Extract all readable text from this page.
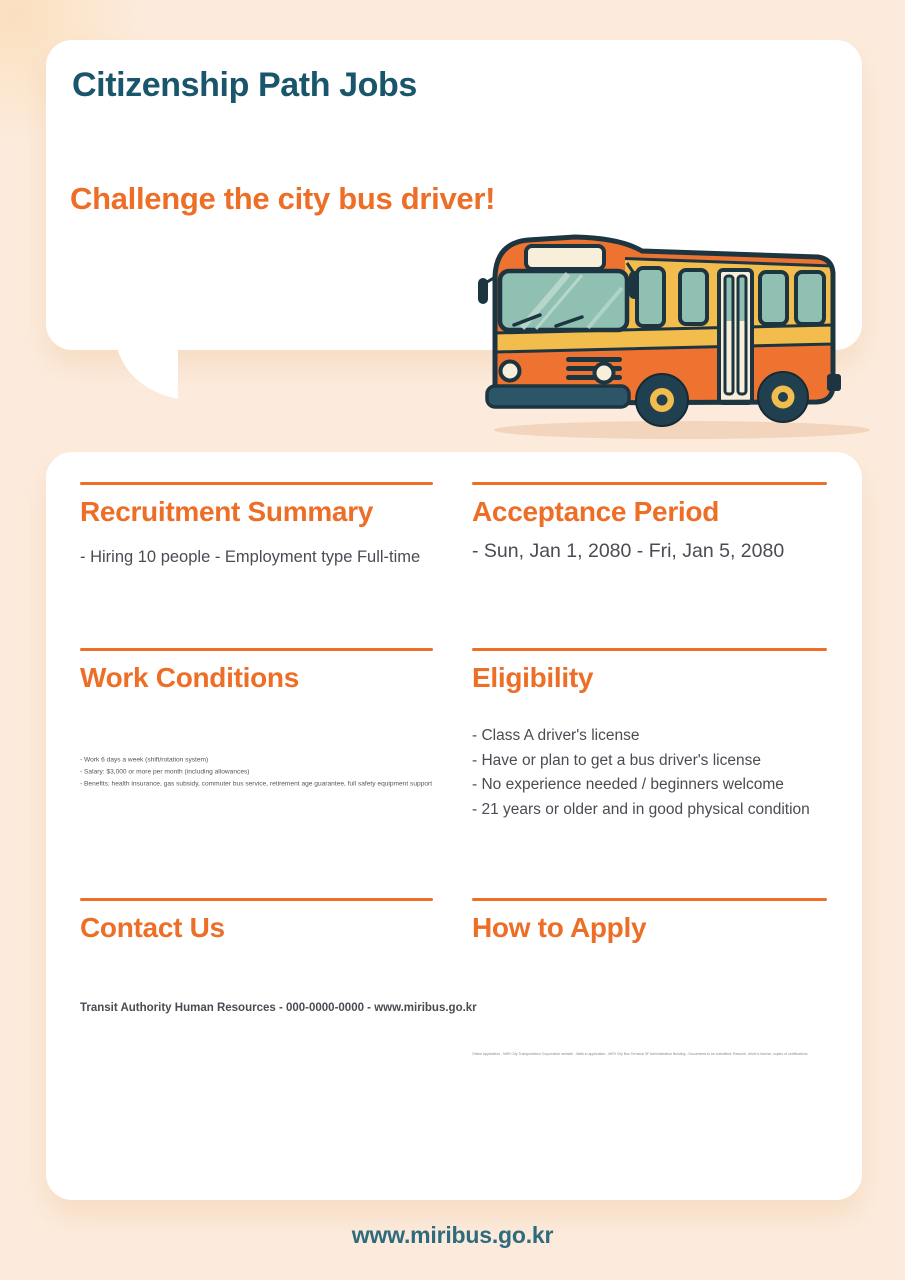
Citizenship Path Jobs
Challenge the city bus driver!
Recruitment Summary
- Hiring 10 people - Employment type Full-time
Acceptance Period
- Sun, Jan 1, 2080 - Fri, Jan 5, 2080
Work Conditions
- Work 6 days a week (shift/rotation system)
- Salary: $3,000 or more per month (including allowances)
- Benefits: health insurance, gas subsidy, commuter bus service, retirement age guarantee, full safety equipment support
Eligibility
- Class A driver's license
- Have or plan to get a bus driver's license
- No experience needed / beginners welcome
- 21 years or older and in good physical condition
Contact Us
Transit Authority Human Resources - 000-0000-0000 - www.miribus.go.kr
How to Apply
Online Application - MIRI City Transportation Corporation website - Walk-in application - MIRI City Bus Terminal 3F Administration Building - Documents to be submitted: Resume, driver's license, copies of certifications
www.miribus.go.kr
